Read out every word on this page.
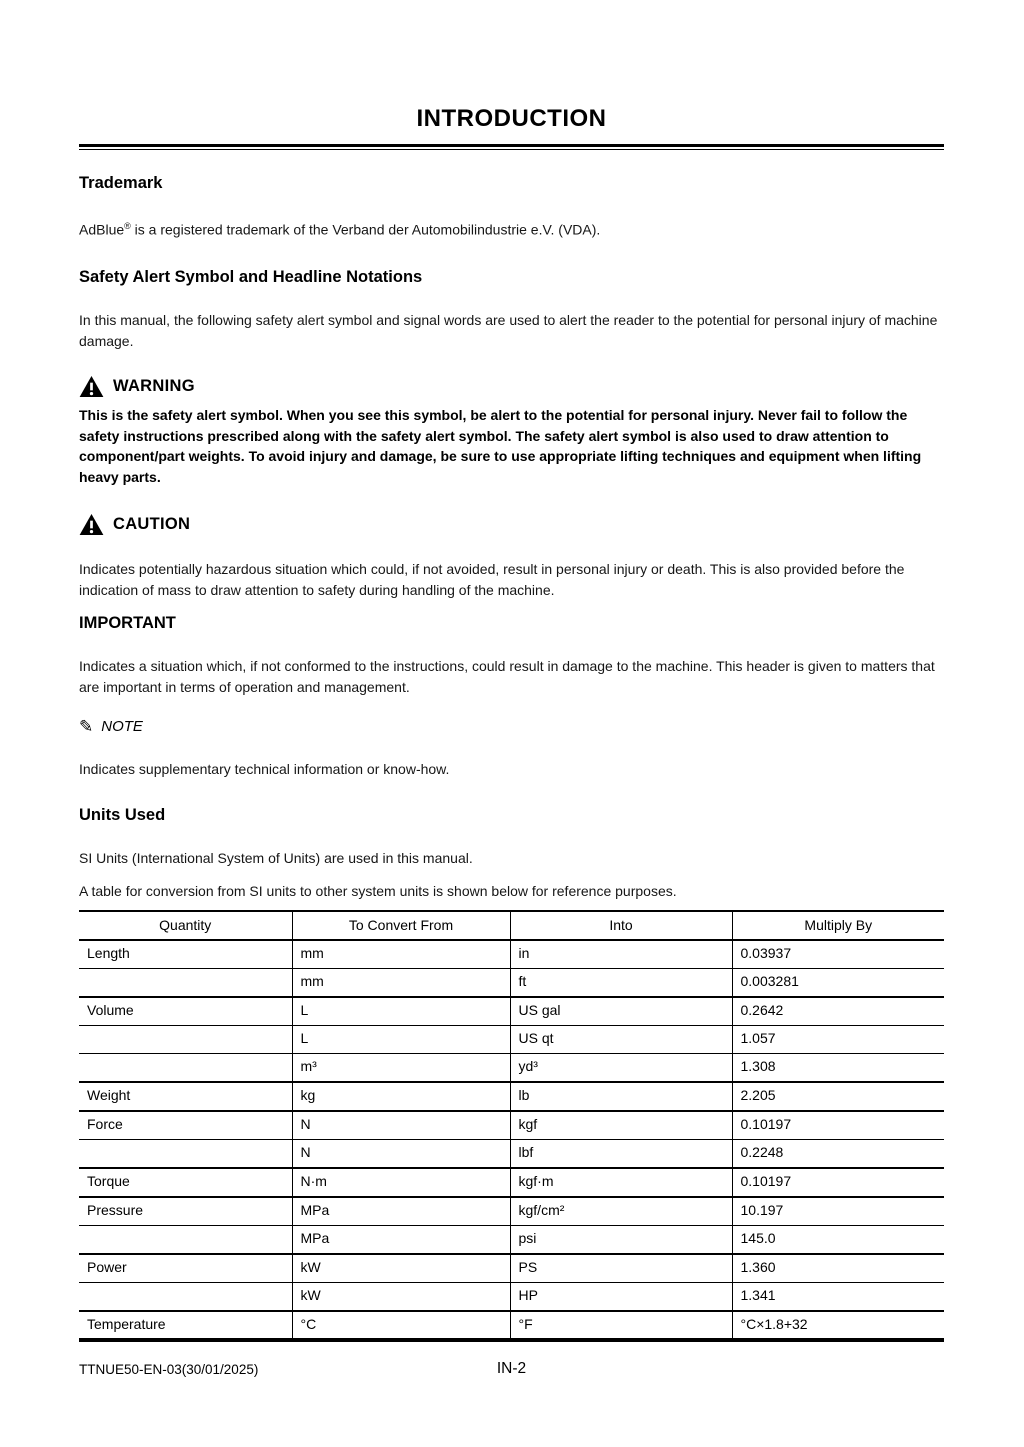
INTRODUCTION
Trademark

AdBlue® is a registered trademark of the Verband der Automobilindustrie e.V. (VDA).

Safety Alert Symbol and Headline Notations

In this manual, the following safety alert symbol and signal words are used to alert the reader to the potential for personal injury of machine damage.

WARNING

This is the safety alert symbol. When you see this symbol, be alert to the potential for personal injury. Never fail to follow the safety instructions prescribed along with the safety alert symbol. The safety alert symbol is also used to draw attention to component/part weights. To avoid injury and damage, be sure to use appropriate lifting techniques and equipment when lifting heavy parts.

CAUTION

Indicates potentially hazardous situation which could, if not avoided, result in personal injury or death. This is also provided before the indication of mass to draw attention to safety during handling of the machine.

IMPORTANT

Indicates a situation which, if not conformed to the instructions, could result in damage to the machine. This header is given to matters that are important in terms of operation and management.

✎ NOTE

Indicates supplementary technical information or know-how.

Units Used

SI Units (International System of Units) are used in this manual.

A table for conversion from SI units to other system units is shown below for reference purposes.

Quantity	To Convert From	Into	Multiply By
Length	mm	in	0.03937
	mm	ft	0.003281
Volume	L	US gal	0.2642
	L	US qt	1.057
	m³	yd³	1.308
Weight	kg	lb	2.205
Force	N	kgf	0.10197
	N	lbf	0.2248
Torque	N·m	kgf·m	0.10197
Pressure	MPa	kgf/cm²	10.197
	MPa	psi	145.0
Power	kW	PS	1.360
	kW	HP	1.341
Temperature	°C	°F	°C×1.8+32
TTNUE50-EN-03(30/01/2025)	IN-2
